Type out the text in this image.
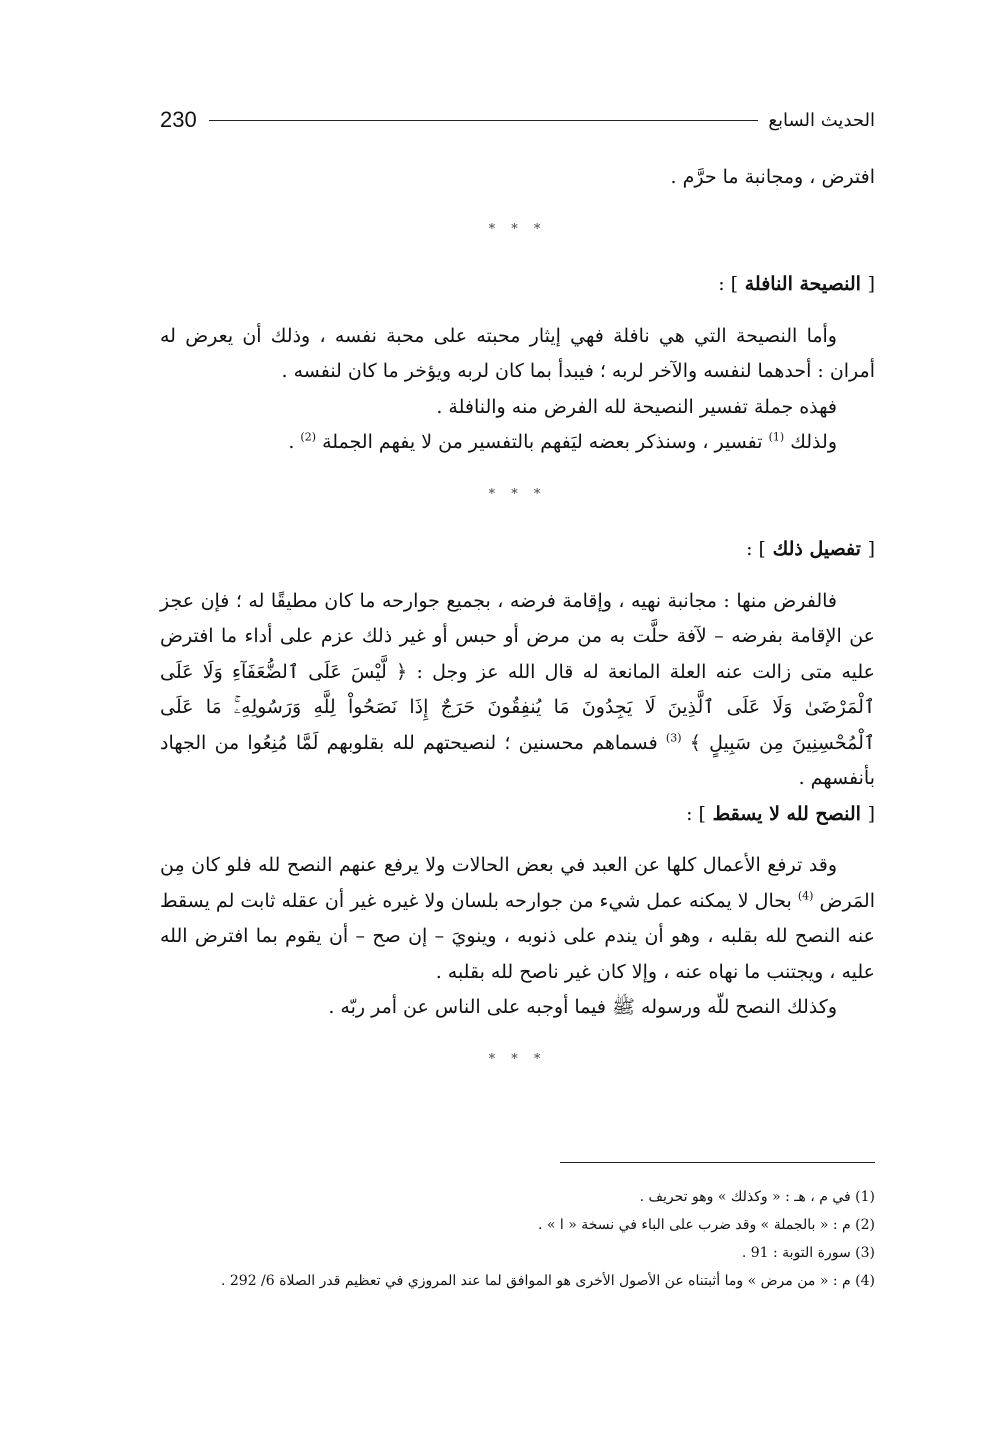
230	الحديث السابع

افترض ، ومجانبة ما حرَّم .

* * *

[ النصيحة النافلة ] :

وأما النصيحة التي هي نافلة فهي إيثار محبته على محبة نفسه ، وذلك أن يعرض له أمران : أحدهما لنفسه والآخر لربه ؛ فيبدأ بما كان لربه ويؤخر ما كان لنفسه .

فهذه جملة تفسير النصيحة لله الفرض منه والنافلة .

ولذلك $^{(1)}$ تفسير ، وسنذكر بعضه ليَفهم بالتفسير من لا يفهم الجملة $^{(2)}$ .

* * *

[ تفصيل ذلك ] :

فالفرض منها : مجانبة نهيه ، وإقامة فرضه ، بجميع جوارحه ما كان مطيقًا له ؛ فإن عجز عن الإقامة بفرضه – لآفة حلَّت به من مرض أو حبس أو غير ذلك عزم على أداء ما افترض عليه متى زالت عنه العلة المانعة له قال الله عز وجل : ﴿ لَّيْسَ عَلَى ٱلضُّعَفَآءِ وَلَا عَلَى ٱلْمَرْضَىٰ وَلَا عَلَى ٱلَّذِينَ لَا يَجِدُونَ مَا يُنفِقُونَ حَرَجٌ إِذَا نَصَحُواْ لِلَّهِ وَرَسُولِهِۦۚ مَا عَلَى ٱلْمُحْسِنِينَ مِن سَبِيلٍ ﴾ $^{(3)}$ فسماهم محسنين ؛ لنصيحتهم لله بقلوبهم لَمَّا مُنِعُوا من الجهاد بأنفسهم .

[ النصح لله لا يسقط ] :

وقد ترفع الأعمال كلها عن العبد في بعض الحالات ولا يرفع عنهم النصح لله فلو كان مِن المَرض $^{(4)}$ بحال لا يمكنه عمل شيء من جوارحه بلسان ولا غيره غير أن عقله ثابت لم يسقط عنه النصح لله بقلبه ، وهو أن يندم على ذنوبه ، وينويَ – إن صح – أن يقوم بما افترض الله عليه ، ويجتنب ما نهاه عنه ، وإلا كان غير ناصح لله بقلبه .

وكذلك النصح للّه ورسوله ﷺ فيما أوجبه على الناس عن أمر ربّه .

* * *

(1) في م ، هـ : « وكذلك » وهو تحريف .
(2) م : « بالجملة » وقد ضرب على الباء في نسخة « ا » .
(3) سورة التوبة : 91 .
(4) م : « من مرض » وما أثبتناه عن الأصول الأخرى هو الموافق لما عند المروزي في تعظيم قدر الصلاة 6/ 292 .
